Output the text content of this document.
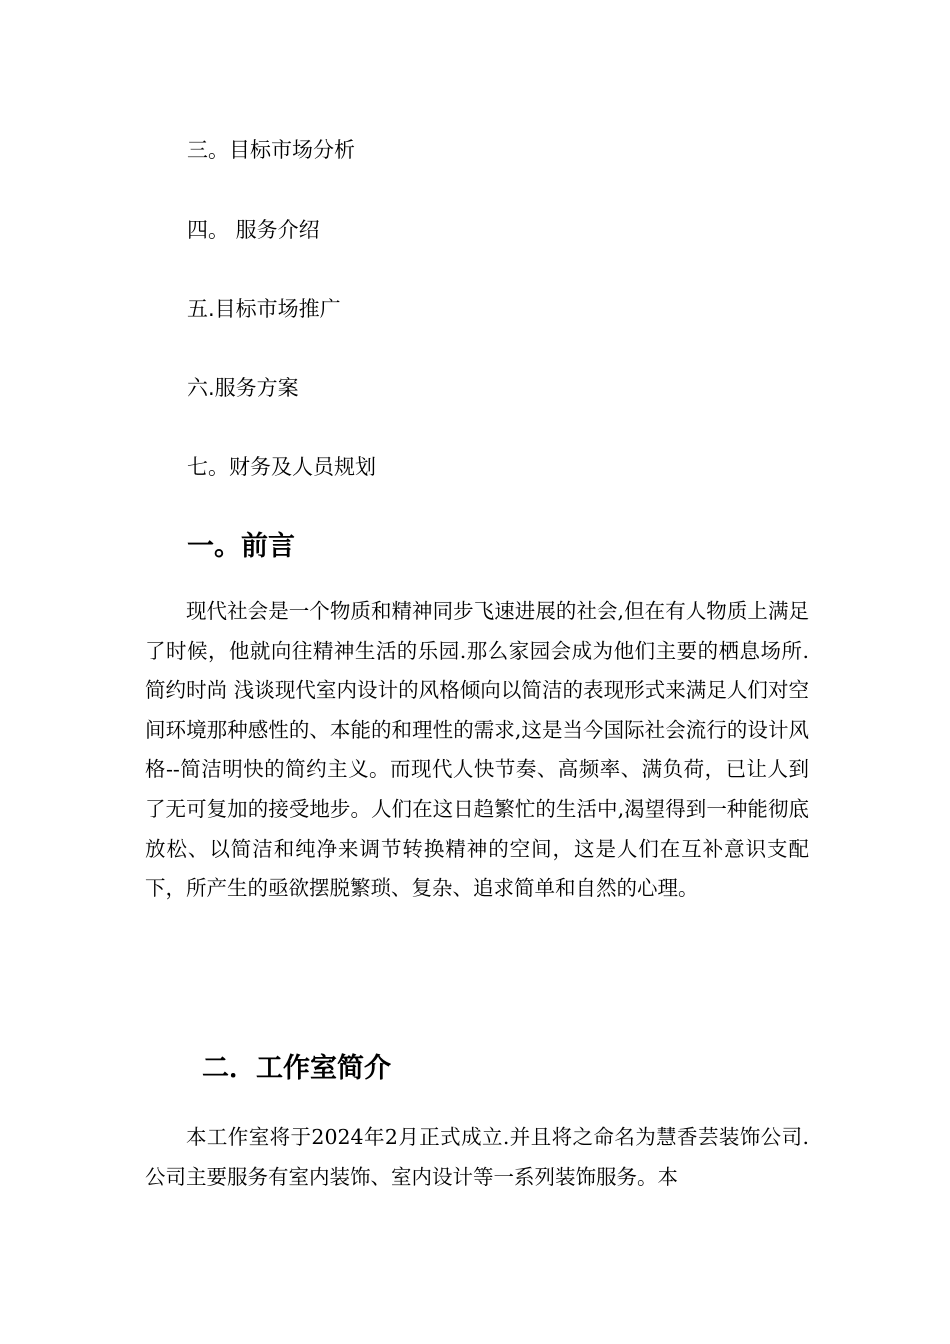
三。目标市场分析
四。 服务介绍
五.目标市场推广
六.服务方案
七。财务及人员规划
一。前言

现代社会是一个物质和精神同步飞速进展的社会,但在有人物质上满足了时候，他就向往精神生活的乐园.那么家园会成为他们主要的栖息场所.简约时尚 浅谈现代室内设计的风格倾向以简洁的表现形式来满足人们对空间环境那种感性的、本能的和理性的需求,这是当今国际社会流行的设计风格--简洁明快的简约主义。而现代人快节奏、高频率、满负荷，已让人到了无可复加的接受地步。人们在这日趋繁忙的生活中,渴望得到一种能彻底放松、以简洁和纯净来调节转换精神的空间，这是人们在互补意识支配下，所产生的亟欲摆脱繁琐、复杂、追求简单和自然的心理。

二．工作室简介

本工作室将于2024年2月正式成立.并且将之命名为慧香芸装饰公司.公司主要服务有室内装饰、室内设计等一系列装饰服务。本
